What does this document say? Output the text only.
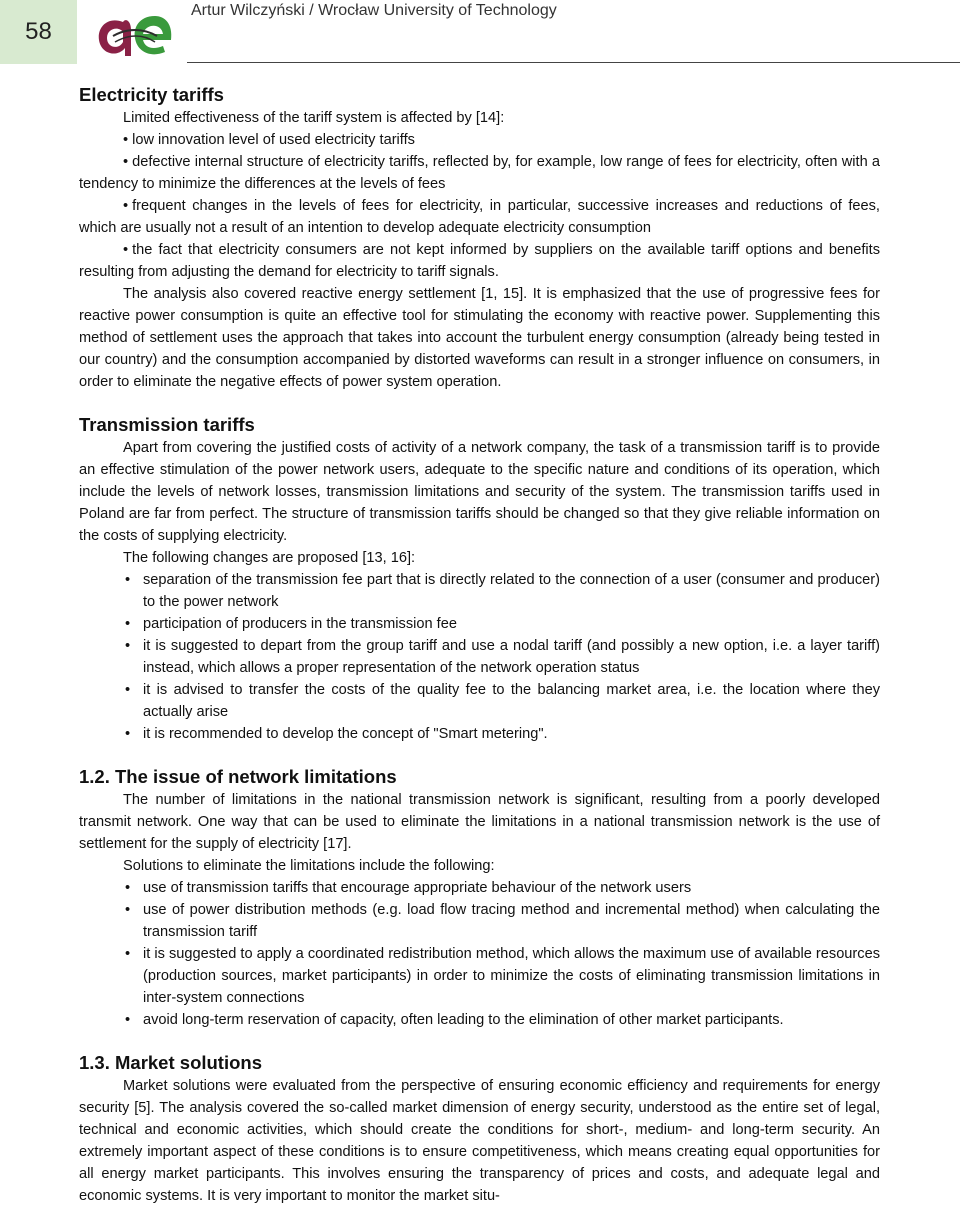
58
Artur Wilczyński / Wrocław University of Technology
Electricity tariffs

Limited effectiveness of the tariff system is affected by [14]:

• low innovation level of used electricity tariffs
• defective internal structure of electricity tariffs, reflected by, for example, low range of fees for electricity, often with a tendency to minimize the differences at the levels of fees
• frequent changes in the levels of fees for electricity, in particular, successive increases and reductions of fees, which are usually not a result of an intention to develop adequate electricity consumption
• the fact that electricity consumers are not kept informed by suppliers on the available tariff options and benefits resulting from adjusting the demand for electricity to tariff signals.

The analysis also covered reactive energy settlement [1, 15]. It is emphasized that the use of progressive fees for reactive power consumption is quite an effective tool for stimulating the economy with reactive power. Supplementing this method of settlement uses the approach that takes into account the turbulent energy consumption (already being tested in our country) and the consumption accompanied by distorted waveforms can result in a stronger influence on consumers, in order to eliminate the negative effects of power system operation.

Transmission tariffs

Apart from covering the justified costs of activity of a network company, the task of a transmission tariff is to provide an effective stimulation of the power network users, adequate to the specific nature and conditions of its operation, which include the levels of network losses, transmission limitations and security of the system. The transmission tariffs used in Poland are far from perfect. The structure of transmission tariffs should be changed so that they give reliable information on the costs of supplying electricity.

The following changes are proposed [13, 16]:

• separation of the transmission fee part that is directly related to the connection of a user (consumer and producer) to the power network
• participation of producers in the transmission fee
• it is suggested to depart from the group tariff and use a nodal tariff (and possibly a new option, i.e. a layer tariff) instead, which allows a proper representation of the network operation status
• it is advised to transfer the costs of the quality fee to the balancing market area, i.e. the location where they actually arise
• it is recommended to develop the concept of "Smart metering".
1.2. The issue of network limitations

The number of limitations in the national transmission network is significant, resulting from a poorly developed transmit network. One way that can be used to eliminate the limitations in a national transmission network is the use of settlement for the supply of electricity [17].

Solutions to eliminate the limitations include the following:

• use of transmission tariffs that encourage appropriate behaviour of the network users
• use of power distribution methods (e.g. load flow tracing method and incremental method) when calculating the transmission tariff
• it is suggested to apply a coordinated redistribution method, which allows the maximum use of available resources (production sources, market participants) in order to minimize the costs of eliminating transmission limitations in inter-system connections
• avoid long-term reservation of capacity, often leading to the elimination of other market participants.
1.3. Market solutions

Market solutions were evaluated from the perspective of ensuring economic efficiency and requirements for energy security [5]. The analysis covered the so-called market dimension of energy security, understood as the entire set of legal, technical and economic activities, which should create the conditions for short-, medium- and long-term security. An extremely important aspect of these conditions is to ensure competitiveness, which means creating equal opportunities for all energy market participants. This involves ensuring the transparency of prices and costs, and adequate legal and economic systems. It is very important to monitor the market situ-
